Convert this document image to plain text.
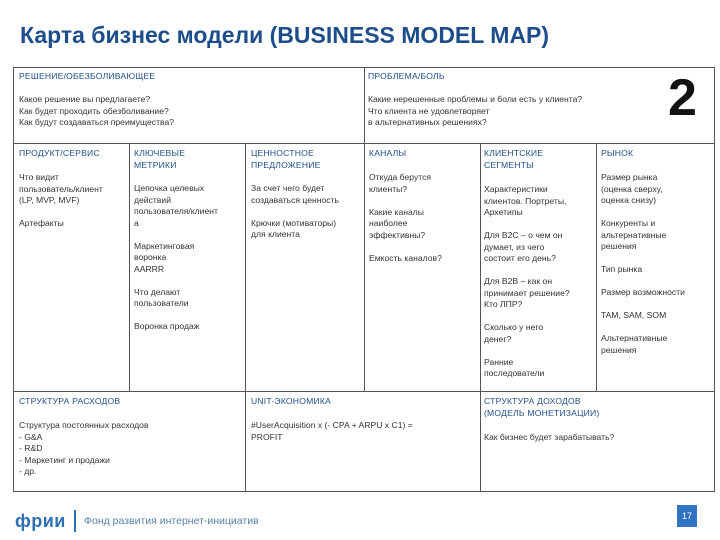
Карта бизнес модели (BUSINESS MODEL MAP)
2
РЕШЕНИЕ/ОБЕЗБОЛИВАЮЩЕЕ
Какое решение вы предлагаете?
Как будет проходить обезболивание?
Как будут создаваться преимущества?
ПРОБЛЕМА/БОЛЬ
Какие нерешенные проблемы и боли есть у клиента?
Что клиента не удовлетворяет
в альтернативных решениях?
ПРОДУКТ/СЕРВИС
Что видит
пользователь/клиент
(LP, MVP, MVF)

Артефакты
КЛЮЧЕВЫЕ
МЕТРИКИ
Цепочка целевых
действий
пользователя/клиент
а

Маркетинговая
воронка
AARRR

Что делают
пользователи

Воронка продаж
ЦЕННОСТНОЕ
ПРЕДЛОЖЕНИЕ
За счет чего будет
создаваться ценность

Крючки (мотиваторы)
для клиента
КАНАЛЫ
Откуда берутся
клиенты?

Какие каналы
наиболее
эффективны?

Емкость каналов?
КЛИЕНТСКИЕ
СЕГМЕНТЫ
Характеристики
клиентов. Портреты,
Архетипы

Для B2C – о чем он
думает, из чего
состоит его день?

Для B2B – как он
принимает решение?
Кто ЛПР?

Сколько у него
денег?

Ранние
последователи
РЫНОК
Размер рынка
(оценка сверху,
оценка снизу)

Конкуренты и
альтернативные
решения

Тип рынка

Размер возможности

TAM, SAM, SOM

Альтернативные
решения
СТРУКТУРА РАСХОДОВ
Структура постоянных расходов
- G&A
- R&D
- Маркетинг и продажи
- др.
UNIT-ЭКОНОМИКА
#UserAcquisition x (- CPA + ARPU x C1) =
PROFIT
СТРУКТУРА ДОХОДОВ
(МОДЕЛЬ МОНЕТИЗАЦИИ)
Как бизнес будет зарабатывать?
фрии Фонд развития интернет-инициатив	17
